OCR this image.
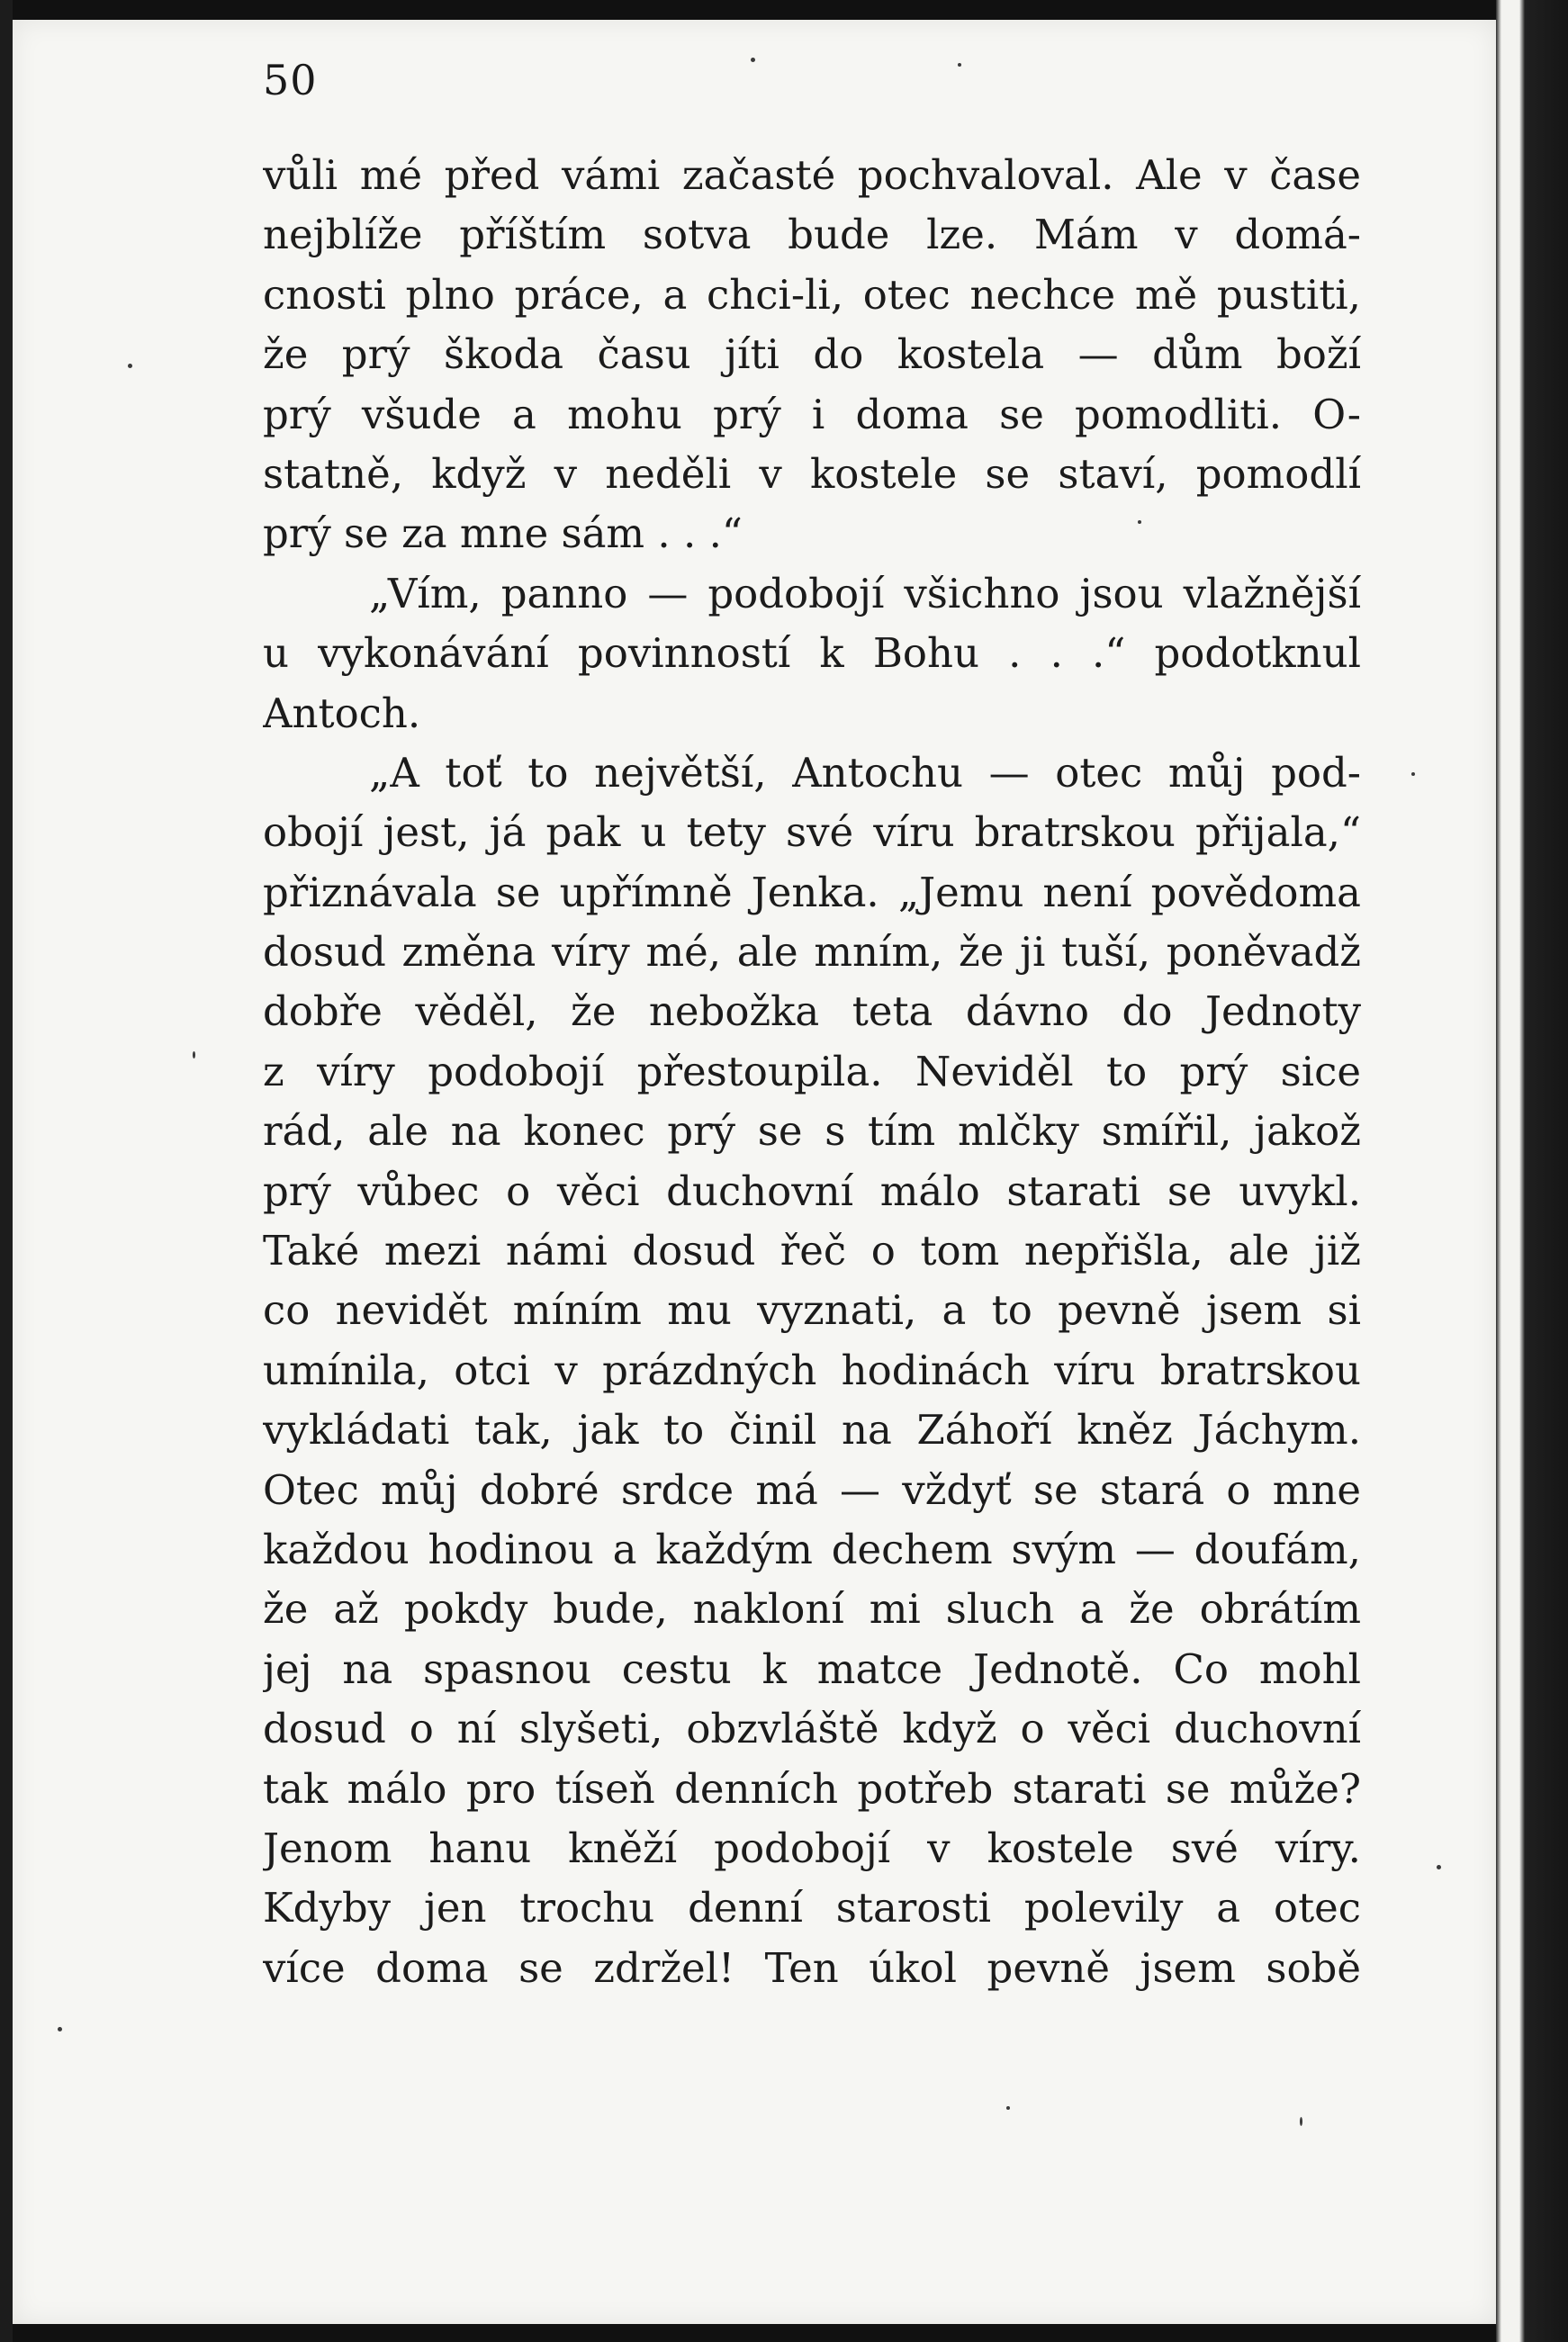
50
vůli mé před vámi začasté pochvaloval. Ale v čase
nejblíže příštím sotva bude lze. Mám v domá-
cnosti plno práce, a chci-li, otec nechce mě pustiti,
že prý škoda času jíti do kostela — dům boží
prý všude a mohu prý i doma se pomodliti. O-
statně, když v neděli v kostele se staví, pomodlí
prý se za mne sám . . .“
„Vím, panno — podobojí všichno jsou vlažnější
u vykonávání povinností k Bohu . . .“ podotknul
Antoch.
„A toť to největší, Antochu — otec můj pod-
obojí jest, já pak u tety své víru bratrskou přijala,“
přiznávala se upřímně Jenka. „Jemu není povědoma
dosud změna víry mé, ale mním, že ji tuší, poněvadž
dobře věděl, že nebožka teta dávno do Jednoty
z víry podobojí přestoupila. Neviděl to prý sice
rád, ale na konec prý se s tím mlčky smířil, jakož
prý vůbec o věci duchovní málo starati se uvykl.
Také mezi námi dosud řeč o tom nepřišla, ale již
co nevidět míním mu vyznati, a to pevně jsem si
umínila, otci v prázdných hodinách víru bratrskou
vykládati tak, jak to činil na Záhoří kněz Jáchym.
Otec můj dobré srdce má — vždyť se stará o mne
každou hodinou a každým dechem svým — doufám,
že až pokdy bude, nakloní mi sluch a že obrátím
jej na spasnou cestu k matce Jednotě. Co mohl
dosud o ní slyšeti, obzvláště když o věci duchovní
tak málo pro tíseň denních potřeb starati se může?
Jenom hanu kněží podobojí v kostele své víry.
Kdyby jen trochu denní starosti polevily a otec
více doma se zdržel! Ten úkol pevně jsem sobě
